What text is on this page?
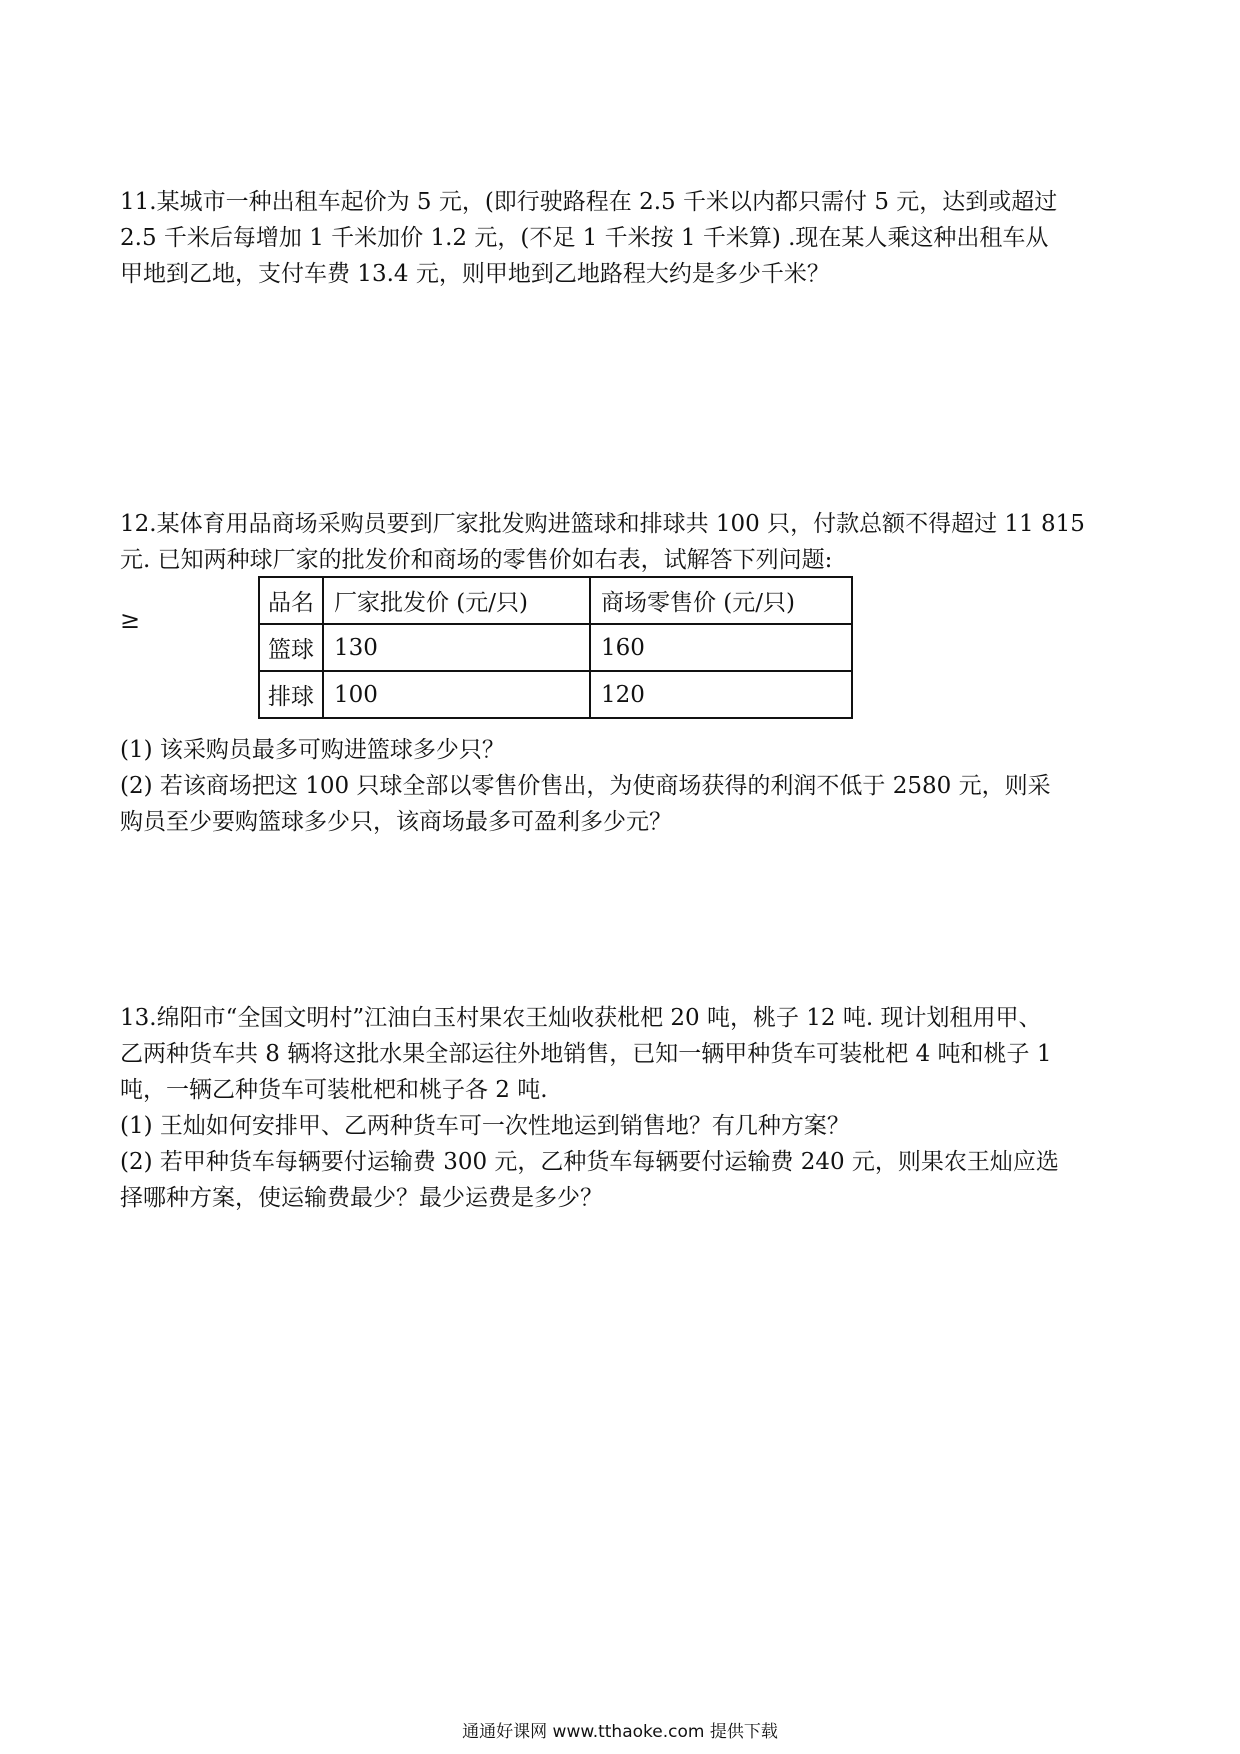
11.某城市一种出租车起价为 5 元，(即行驶路程在 2.5 千米以内都只需付 5 元，达到或超过
2.5 千米后每增加 1 千米加价 1.2 元，(不足 1 千米按 1 千米算) .现在某人乘这种出租车从
甲地到乙地，支付车费 13.4 元，则甲地到乙地路程大约是多少千米？
12.某体育用品商场采购员要到厂家批发购进篮球和排球共 100 只，付款总额不得超过 11 815
元. 已知两种球厂家的批发价和商场的零售价如右表，试解答下列问题:
≥
品名	厂家批发价 (元/只)	商场零售价 (元/只)
篮球	130	160
排球	100	120
(1) 该采购员最多可购进篮球多少只？
(2) 若该商场把这 100 只球全部以零售价售出，为使商场获得的利润不低于 2580 元，则采
购员至少要购篮球多少只，该商场最多可盈利多少元？
13.绵阳市“全国文明村”江油白玉村果农王灿收获枇杷 20 吨，桃子 12 吨. 现计划租用甲、
乙两种货车共 8 辆将这批水果全部运往外地销售，已知一辆甲种货车可装枇杷 4 吨和桃子 1
吨，一辆乙种货车可装枇杷和桃子各 2 吨.
(1) 王灿如何安排甲、乙两种货车可一次性地运到销售地？有几种方案？
(2) 若甲种货车每辆要付运输费 300 元，乙种货车每辆要付运输费 240 元，则果农王灿应选
择哪种方案，使运输费最少？最少运费是多少？
通通好课网 www.tthaoke.com 提供下载
